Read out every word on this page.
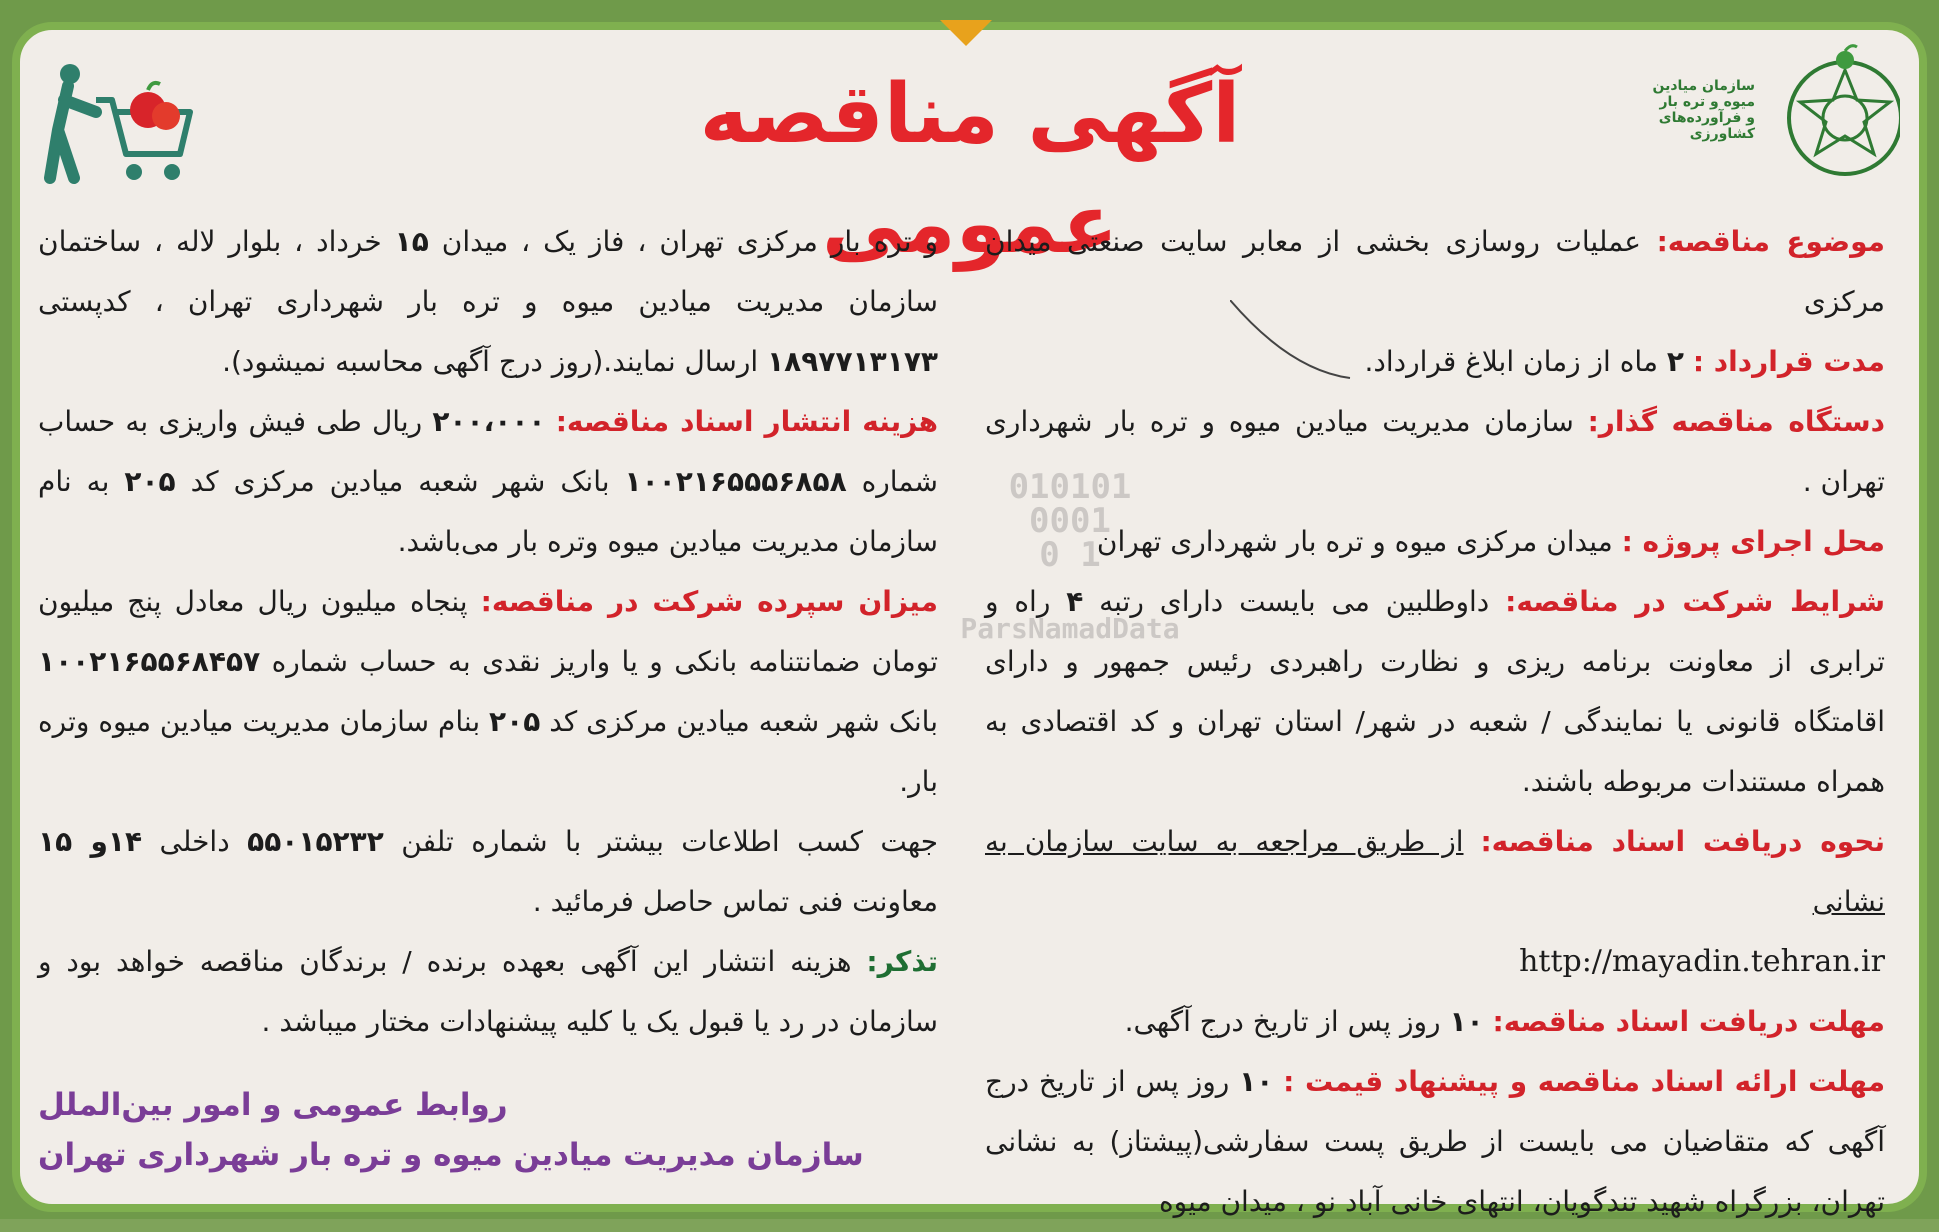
آگهی مناقصه عمومی
سازمان میادین
میوه و تره بار
و فرآورده‌های
کشاورزی
010101
0001
0 1
ParsNamadData
موضوع مناقصه: عملیات روسازی بخشی از معابر سایت صنعتی میدان مرکزی
مدت قرارداد : ۲ ماه از زمان ابلاغ قرارداد.
دستگاه مناقصه گذار: سازمان مدیریت میادین میوه و تره بار شهرداری تهران .
محل اجرای پروژه : میدان مرکزی میوه و تره بار شهرداری تهران
شرایط شرکت در مناقصه: داوطلبین می بایست دارای رتبه ۴ راه و ترابری از معاونت برنامه ریزی و نظارت راهبردی رئیس جمهور و دارای اقامتگاه قانونی یا نمایندگی / شعبه در شهر/ استان تهران و کد اقتصادی به همراه مستندات مربوطه باشند.
نحوه دریافت اسناد مناقصه: از طریق مراجعه به سایت سازمان به نشانی
http://mayadin.tehran.ir
مهلت دریافت اسناد مناقصه: ۱۰ روز پس از تاریخ درج آگهی.
مهلت ارائه اسناد مناقصه و پیشنهاد قیمت : ۱۰ روز پس از تاریخ درج آگهی که متقاضیان می بایست از طریق پست سفارشی(پیشتاز) به نشانی تهران، بزرگراه شهید تندگویان، انتهای خانی آباد نو ، میدان میوه
و تره بار مرکزی تهران ، فاز یک ، میدان ۱۵ خرداد ، بلوار لاله ، ساختمان سازمان مدیریت میادین میوه و تره بار شهرداری تهران ، کدپستی ۱۸۹۷۷۱۳۱۷۳ ارسال نمایند.(روز درج آگهی محاسبه نمیشود).
هزینه انتشار اسناد مناقصه: ۲۰۰،۰۰۰ ریال طی فیش واریزی به حساب شماره ۱۰۰۲۱۶۵۵۵۶۸۵۸ بانک شهر شعبه میادین مرکزی کد ۲۰۵ به نام سازمان مدیریت میادین میوه وتره بار می‌باشد.
میزان سپرده شرکت در مناقصه: پنجاه میلیون ریال معادل پنج میلیون تومان ضمانتنامه بانکی و یا واریز نقدی به حساب شماره ۱۰۰۲۱۶۵۵۶۸۴۵۷ بانک شهر شعبه میادین مرکزی کد ۲۰۵ بنام سازمان مدیریت میادین میوه وتره بار.
جهت کسب اطلاعات بیشتر با شماره تلفن ۵۵۰۱۵۲۳۲ داخلی ۱۴و ۱۵ معاونت فنی تماس حاصل فرمائید .
تذکر: هزینه انتشار این آگهی بعهده برنده / برندگان مناقصه خواهد بود و سازمان در رد یا قبول یک یا کلیه پیشنهادات مختار میباشد .
روابط عمومی و امور بین‌الملل
سازمان مدیریت میادین میوه و تره بار شهرداری تهران
